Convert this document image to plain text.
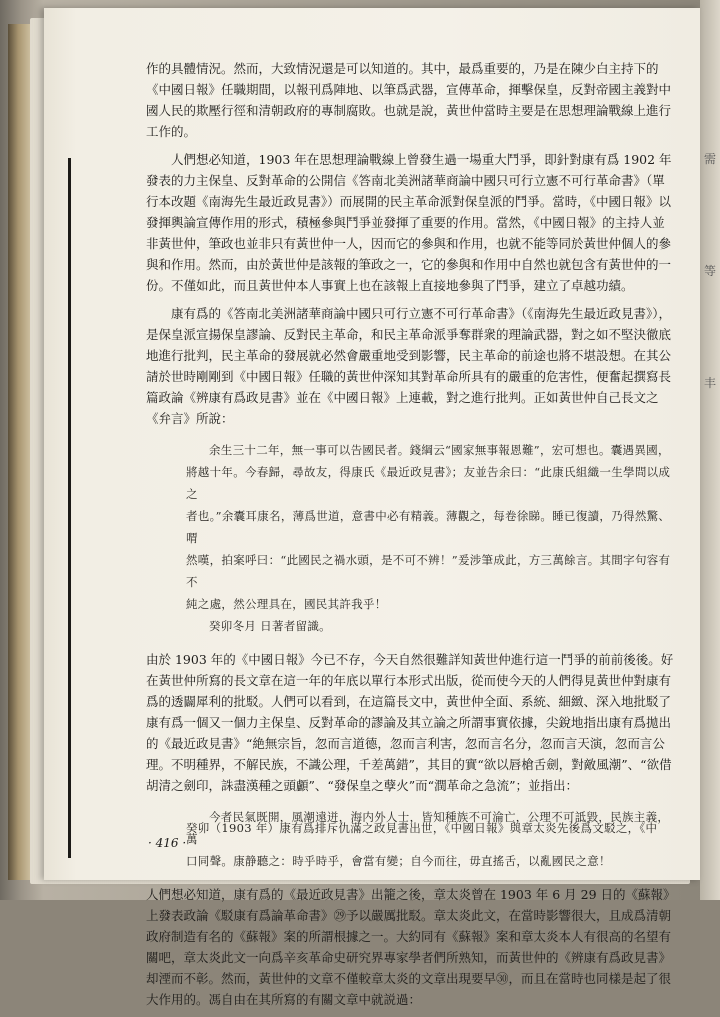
需
等
丰

作的具體情況。然而，大致情況還是可以知道的。其中，最爲重要的，乃是在陳少白主持下的《中國日報》任職期間，以報刊爲陣地、以筆爲武器，宣傳革命，揮擊保皇，反對帝國主義對中國人民的欺壓行徑和清朝政府的專制腐敗。也就是說，黃世仲當時主要是在思想理論戰線上進行工作的。

人們想必知道，1903 年在思想理論戰線上曾發生過一場重大鬥爭，即針對康有爲 1902 年發表的力主保皇、反對革命的公開信《答南北美洲諸華商論中國只可行立憲不可行革命書》（單行本改題《南海先生最近政見書》）而展開的民主革命派對保皇派的鬥爭。當時，《中國日報》以發揮輿論宣傳作用的形式，積極參與鬥爭並發揮了重要的作用。當然，《中國日報》的主持人並非黃世仲，筆政也並非只有黃世仲一人，因而它的參與和作用，也就不能等同於黃世仲個人的參與和作用。然而，由於黃世仲是該報的筆政之一，它的參與和作用中自然也就包含有黃世仲的一份。不僅如此，而且黃世仲本人事實上也在該報上直接地參與了鬥爭，建立了卓越功績。

康有爲的《答南北美洲諸華商論中國只可行立憲不可行革命書》（《南海先生最近政見書》），是保皇派宣揚保皇謬論、反對民主革命，和民主革命派爭奪群衆的理論武器，對之如不堅決徹底地進行批判，民主革命的發展就必然會嚴重地受到影響，民主革命的前途也將不堪設想。在其公請於世時剛剛到《中國日報》任職的黃世仲深知其對革命所具有的嚴重的危害性，便奮起撰寫長篇政論《辨康有爲政見書》並在《中國日報》上連載，對之進行批判。正如黃世仲自己長文之《弁言》所說：

余生三十二年，無一事可以告國民者。錢綱云“國家無事報恩難”，宏可想也。囊遇異國，
將越十年。今春歸，尋故友，得康氏《最近政見書》；友並告余曰：“此康氏組織一生學問以成之
者也。”余囊耳康名，薄爲世道，意書中必有精義。薄觀之，每卷徐睇。睡已復讀，乃得然驚、喟
然嘆，拍案呼曰：“此國民之禍水頭，是不可不辨！”爰涉筆成此，方三萬餘言。其間字句容有不
純之處，然公理具在，國民其許我乎！
癸卯冬月 日著者留識。

由於 1903 年的《中國日報》今已不存，今天自然很難詳知黃世仲進行這一鬥爭的前前後後。好在黃世仲所寫的長文章在這一年的年底以單行本形式出版，從而使今天的人們得見黃世仲對康有爲的透闢犀利的批駁。人們可以看到，在這篇長文中，黃世仲全面、系統、細緻、深入地批駁了康有爲一個又一個力主保皇、反對革命的謬論及其立論之所謂事實依據，尖銳地指出康有爲拋出的《最近政見書》“絶無宗旨，忽而言道德，忽而言利害，忽而言名分，忽而言天演，忽而言公理。不明種界，不解民族，不識公理，千差萬錯”，其目的實“欲以唇槍舌劍，對敵風潮”、“欲借胡清之劍印，誅盡漢種之頭顱”、“發保皇之孽火”而“潤革命之急流”；並指出：

今者民氣既開，風潮遠迸，海内外人士，皆知種族不可淪亡，公理不可詆毀，民族主義，萬
口同聲。康静聽之：時乎時乎，會當有變；自今而往，毋直搖舌，以亂國民之意！

人們想必知道，康有爲的《最近政見書》出籠之後，章太炎曾在 1903 年 6 月 29 日的《蘇報》上發表政論《駁康有爲論革命書》㉙予以嚴厲批駁。章太炎此文，在當時影響很大，且成爲清朝政府制造有名的《蘇報》案的所謂根據之一。大約同有《蘇報》案和章太炎本人有很高的名望有關吧，章太炎此文一向爲辛亥革命史研究界專家學者們所熟知，而黃世仲的《辨康有爲政見書》却湮而不彰。然而，黃世仲的文章不僅較章太炎的文章出現要早㉚，而且在當時也同樣是起了很大作用的。馮自由在其所寫的有關文章中就説過：

癸卯（1903 年）康有爲排斥仇滿之政見書出世，《中國日報》與章太炎先後爲文駁之，《中
· 416 ·
